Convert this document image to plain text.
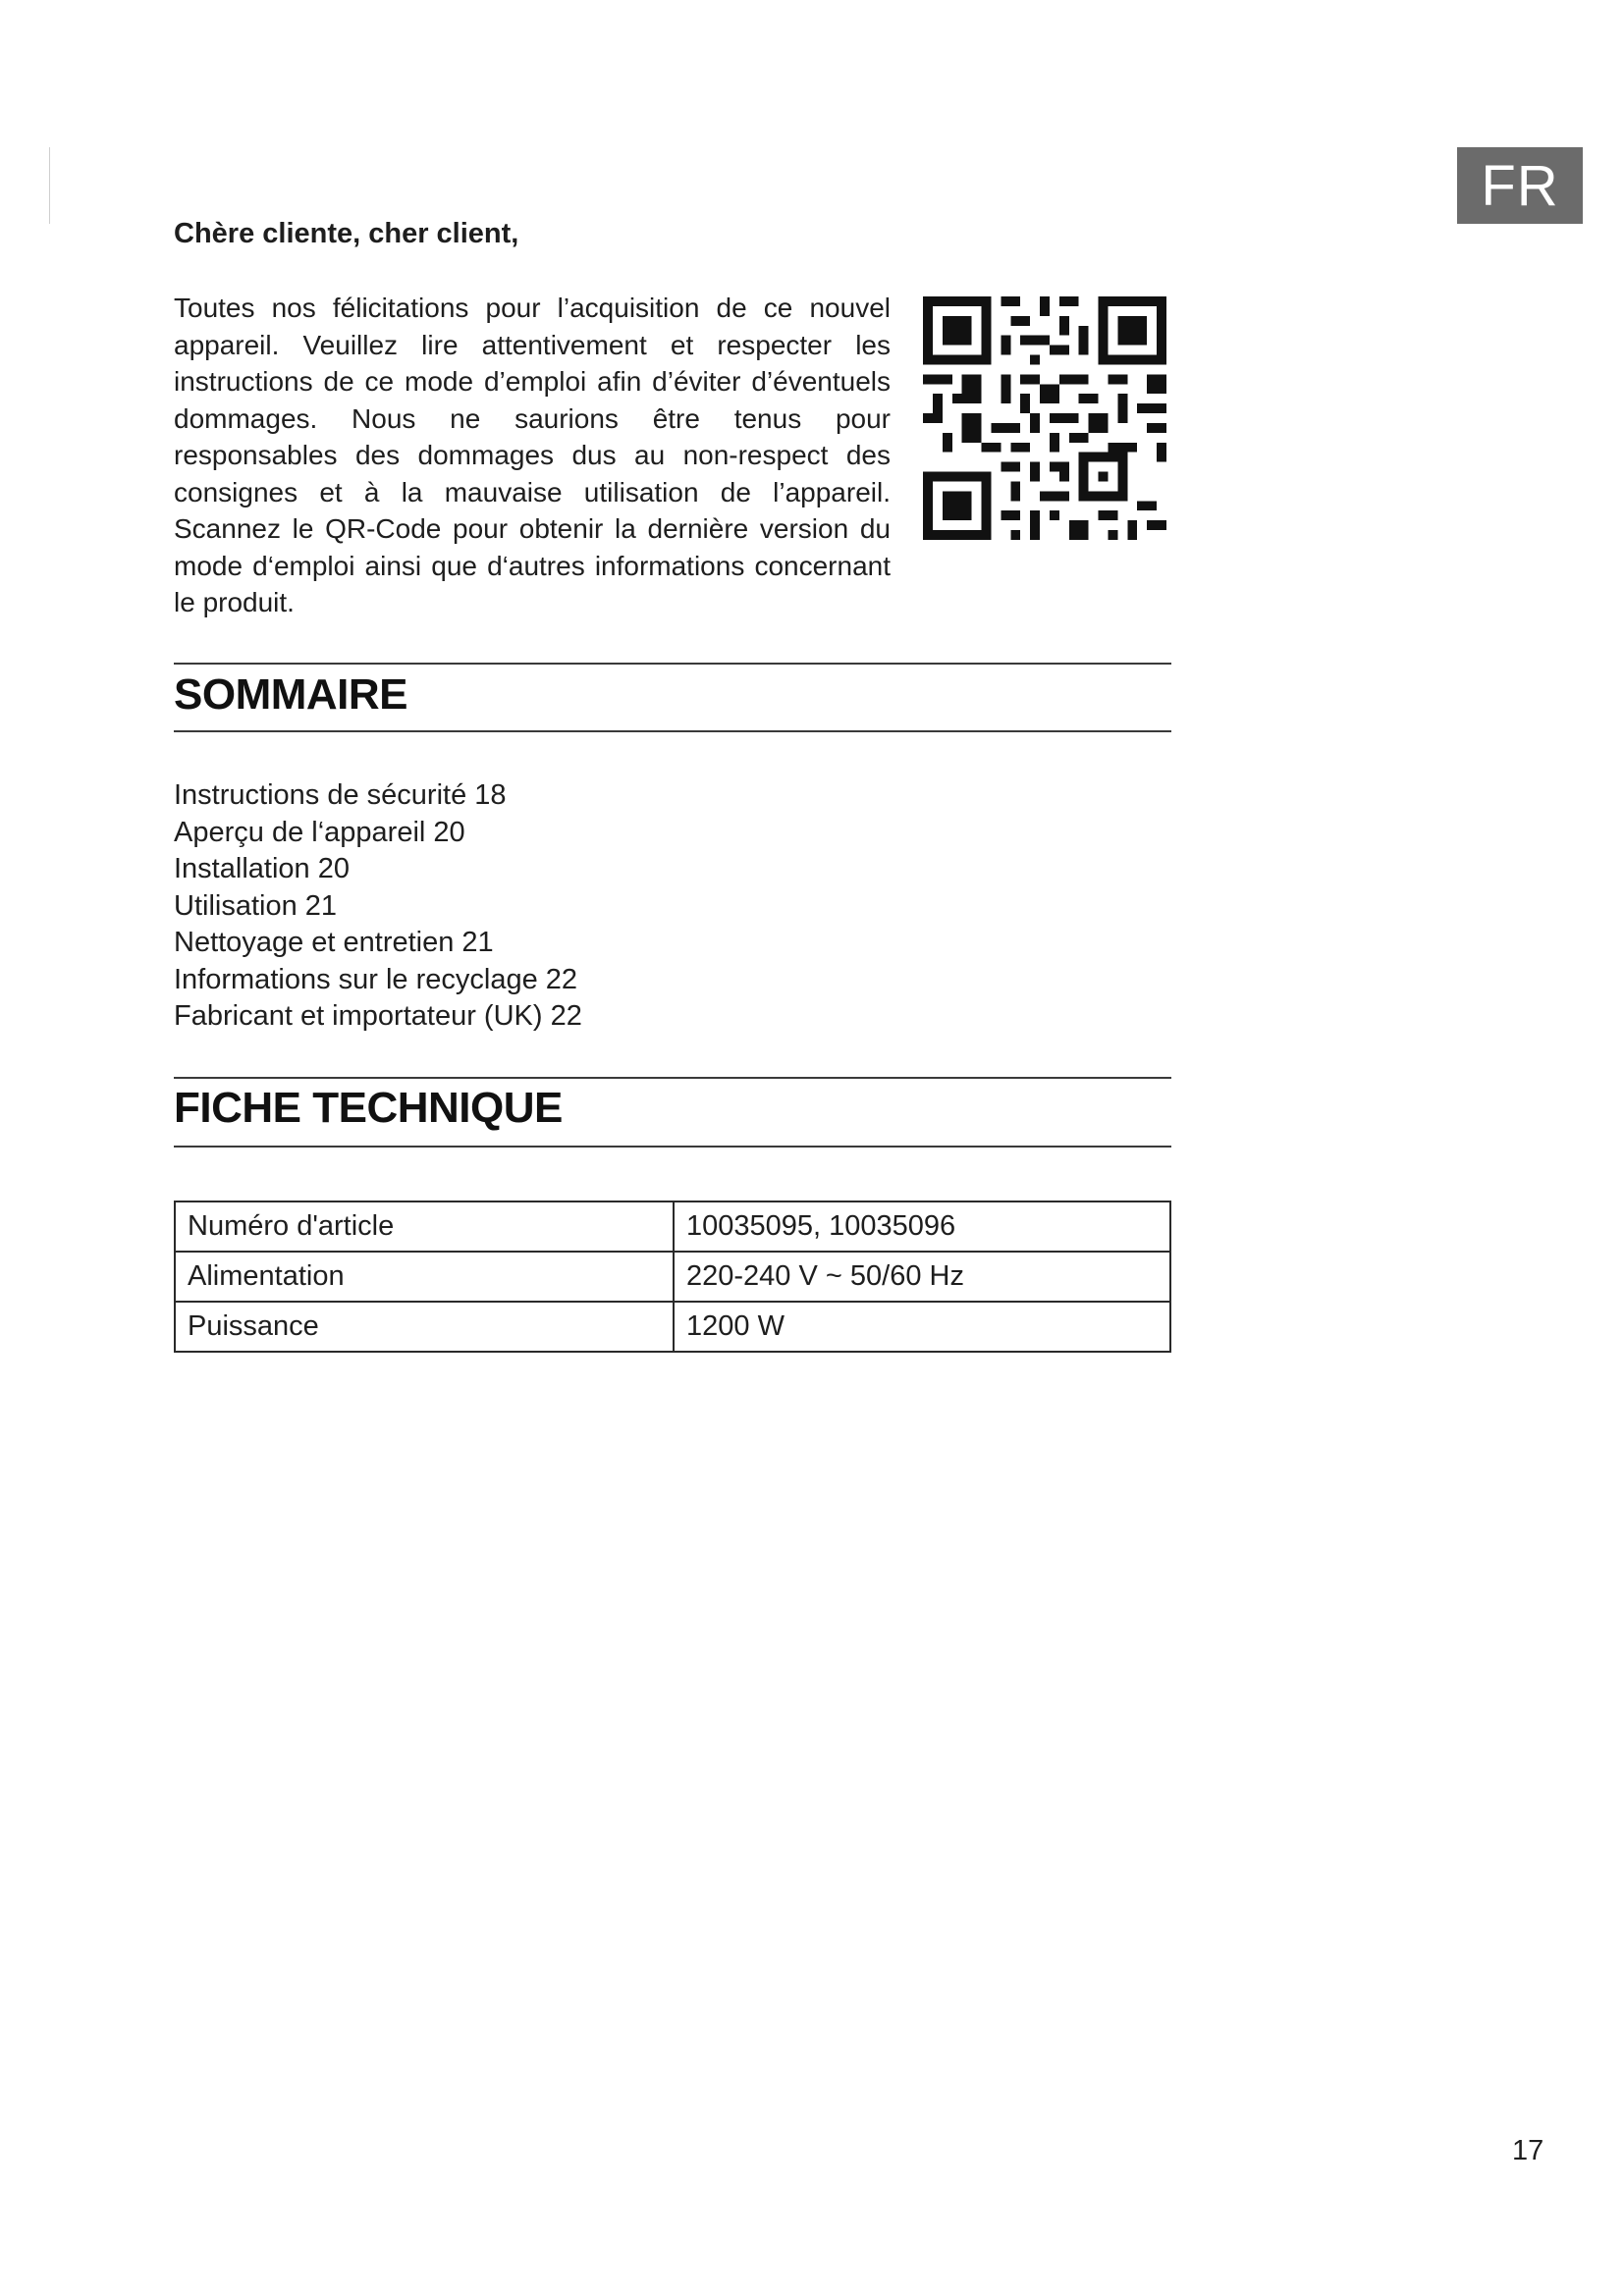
FR
Chère cliente, cher client,

Toutes nos félicitations pour l’acquisition de ce nouvel appareil. Veuillez lire attentivement et respecter les instructions de ce mode d’emploi afin d’éviter d’éventuels dommages. Nous ne saurions être tenus pour responsables des dommages dus au non-respect des consignes et à la mauvaise utilisation de l’appareil. Scannez le QR-Code pour obtenir la dernière version du mode d‘emploi ainsi que d‘autres informations concernant le produit.

SOMMAIRE
Instructions de sécurité 18
Aperçu de l‘appareil 20
Installation 20
Utilisation 21
Nettoyage et entretien 21
Informations sur le recyclage 22
Fabricant et importateur (UK) 22
FICHE TECHNIQUE
Numéro d'article	10035095, 10035096
Alimentation	220-240 V ~ 50/60 Hz
Puissance	1200 W
17
